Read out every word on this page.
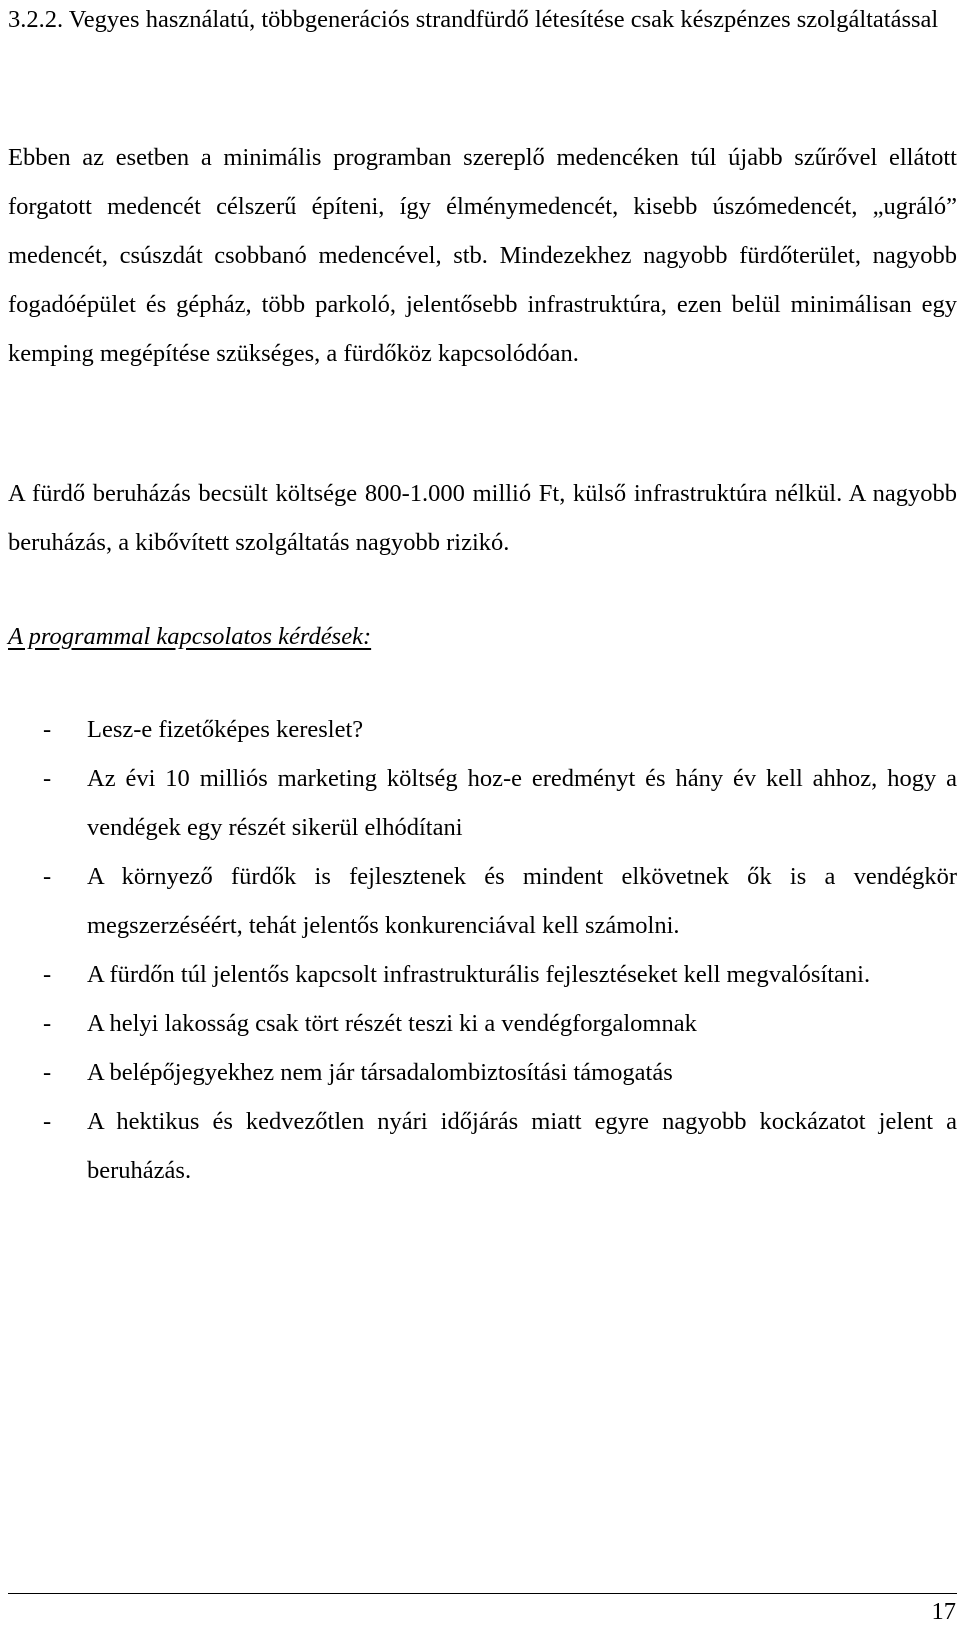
3.2.2. Vegyes használatú, többgenerációs strandfürdő létesítése csak készpénzes szolgáltatással

Ebben az esetben a minimális programban szereplő medencéken túl újabb szűrővel ellátott forgatott medencét célszerű építeni, így élménymedencét, kisebb úszómedencét, „ugráló” medencét, csúszdát csobbanó medencével, stb. Mindezekhez nagyobb fürdőterület, nagyobb fogadóépület és gépház, több parkoló, jelentősebb infrastruktúra, ezen belül minimálisan egy kemping megépítése szükséges, a fürdőköz kapcsolódóan.

A fürdő beruházás becsült költsége 800-1.000 millió Ft, külső infrastruktúra nélkül. A nagyobb beruházás, a kibővített szolgáltatás nagyobb rizikó.

A programmal kapcsolatos kérdések:
- Lesz-e fizetőképes kereslet?
- Az évi 10 milliós marketing költség hoz-e eredményt és hány év kell ahhoz, hogy a vendégek egy részét sikerül elhódítani
- A környező fürdők is fejlesztenek és mindent elkövetnek ők is a vendégkör megszerzéséért, tehát jelentős konkurenciával kell számolni.
- A fürdőn túl jelentős kapcsolt infrastrukturális fejlesztéseket kell megvalósítani.
- A helyi lakosság csak tört részét teszi ki a vendégforgalomnak
- A belépőjegyekhez nem jár társadalombiztosítási támogatás
- A hektikus és kedvezőtlen nyári időjárás miatt egyre nagyobb kockázatot jelent a beruházás.
17
